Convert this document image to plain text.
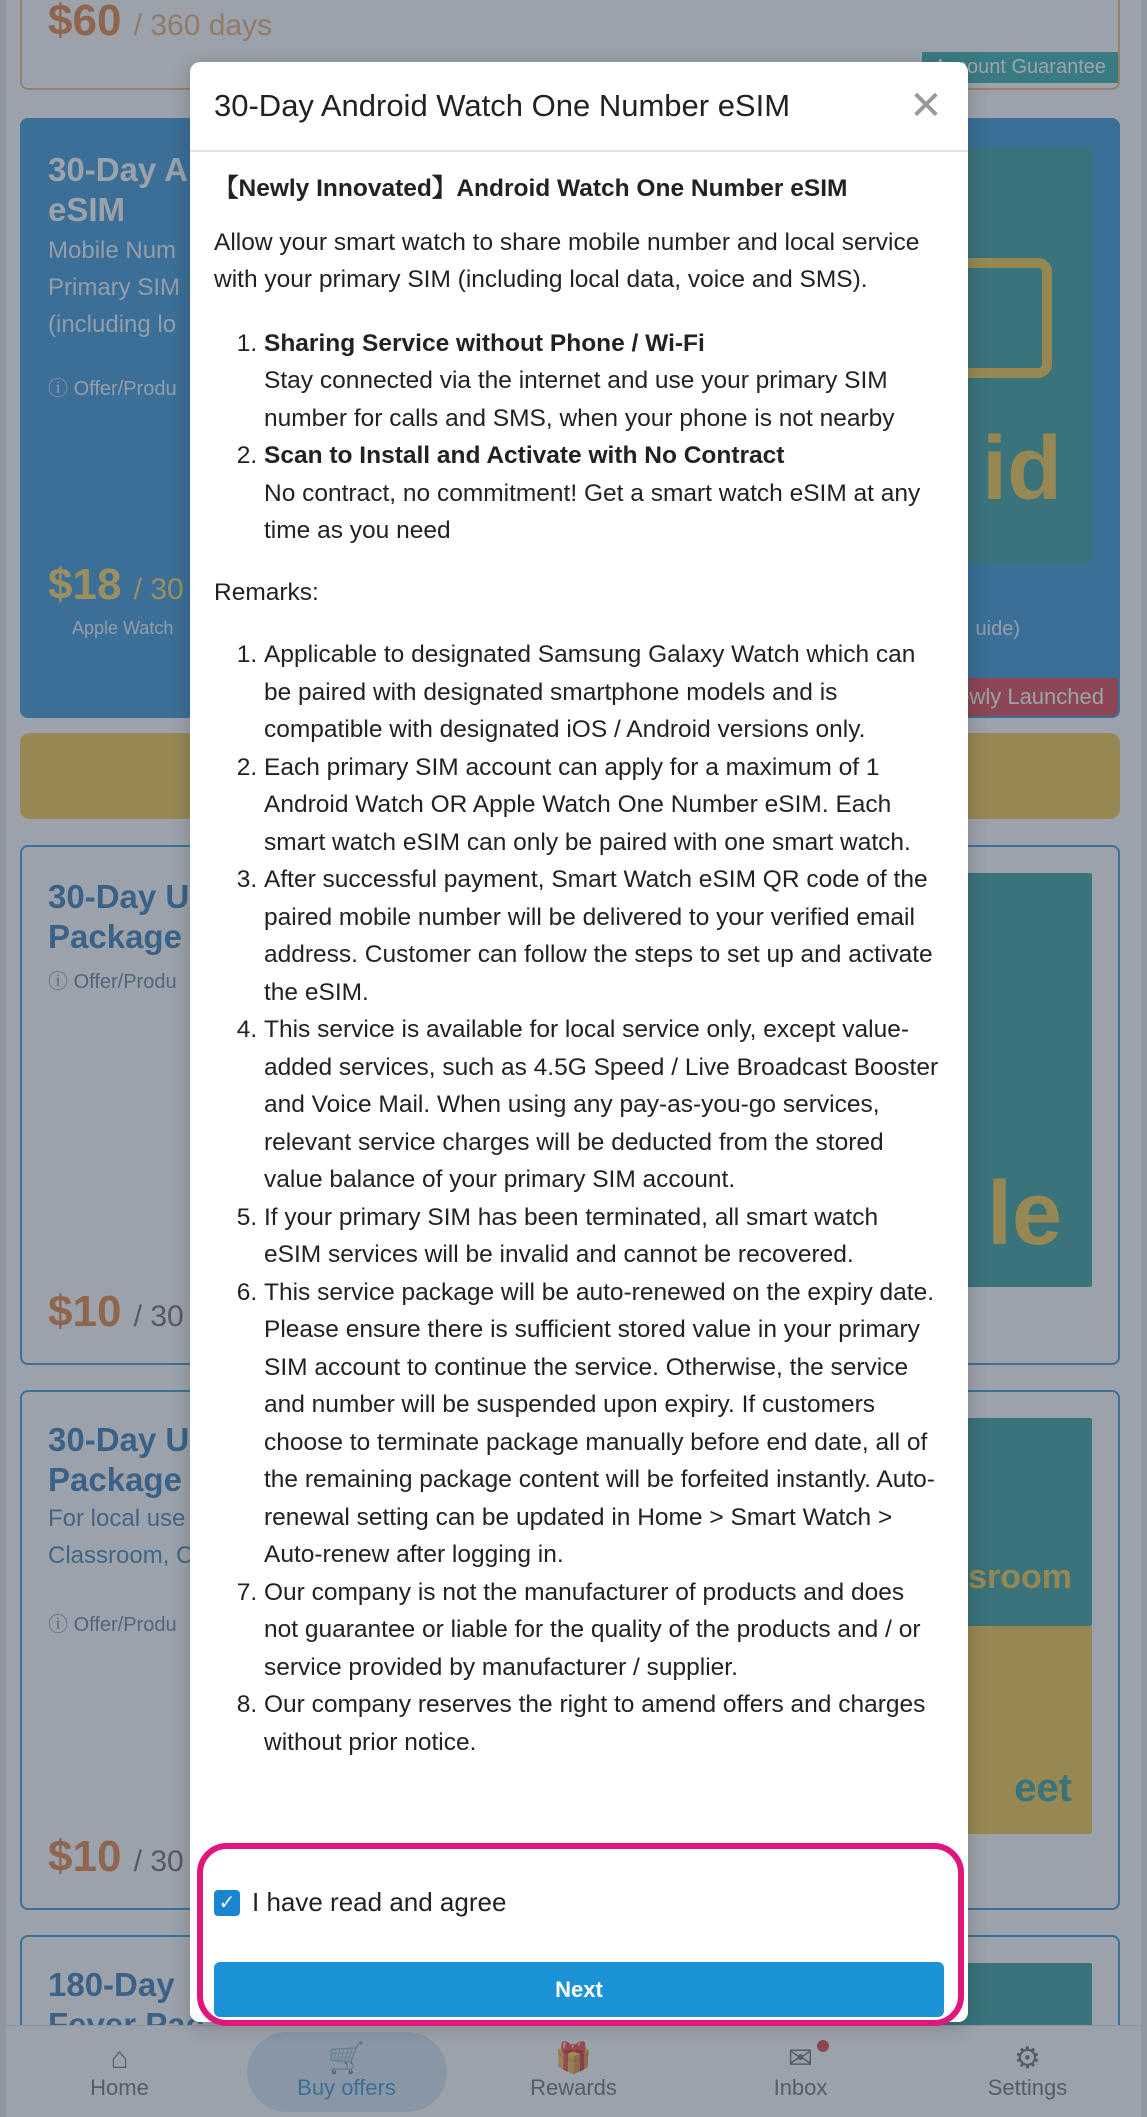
30-Day Android Watch One Number eSIM	✕
【Newly Innovated】Android Watch One Number eSIM
Allow your smart watch to share mobile number and local service with your primary SIM (including local data, voice and SMS).
1. Sharing Service without Phone / Wi-Fi
Stay connected via the internet and use your primary SIM number for calls and SMS, when your phone is not nearby
2. Scan to Install and Activate with No Contract
No contract, no commitment! Get a smart watch eSIM at any time as you need
Remarks:
1. Applicable to designated Samsung Galaxy Watch which can be paired with designated smartphone models and is compatible with designated iOS / Android versions only.
2. Each primary SIM account can apply for a maximum of 1 Android Watch OR Apple Watch One Number eSIM. Each smart watch eSIM can only be paired with one smart watch.
3. After successful payment, Smart Watch eSIM QR code of the paired mobile number will be delivered to your verified email address. Customer can follow the steps to set up and activate the eSIM.
4. This service is available for local service only, except value-added services, such as 4.5G Speed / Live Broadcast Booster and Voice Mail. When using any pay-as-you-go services, relevant service charges will be deducted from the stored value balance of your primary SIM account.
5. If your primary SIM has been terminated, all smart watch eSIM services will be invalid and cannot be recovered.
6. This service package will be auto-renewed on the expiry date. Please ensure there is sufficient stored value in your primary SIM account to continue the service. Otherwise, the service and number will be suspended upon expiry. If customers choose to terminate package manually before end date, all of the remaining package content will be forfeited instantly. Auto-renewal setting can be updated in Home > Smart Watch > Auto-renew after logging in.
7. Our company is not the manufacturer of products and does not guarantee or liable for the quality of the products and / or service provided by manufacturer / supplier.
8. Our company reserves the right to amend offers and charges without prior notice.
✓ I have read and agree
Next
